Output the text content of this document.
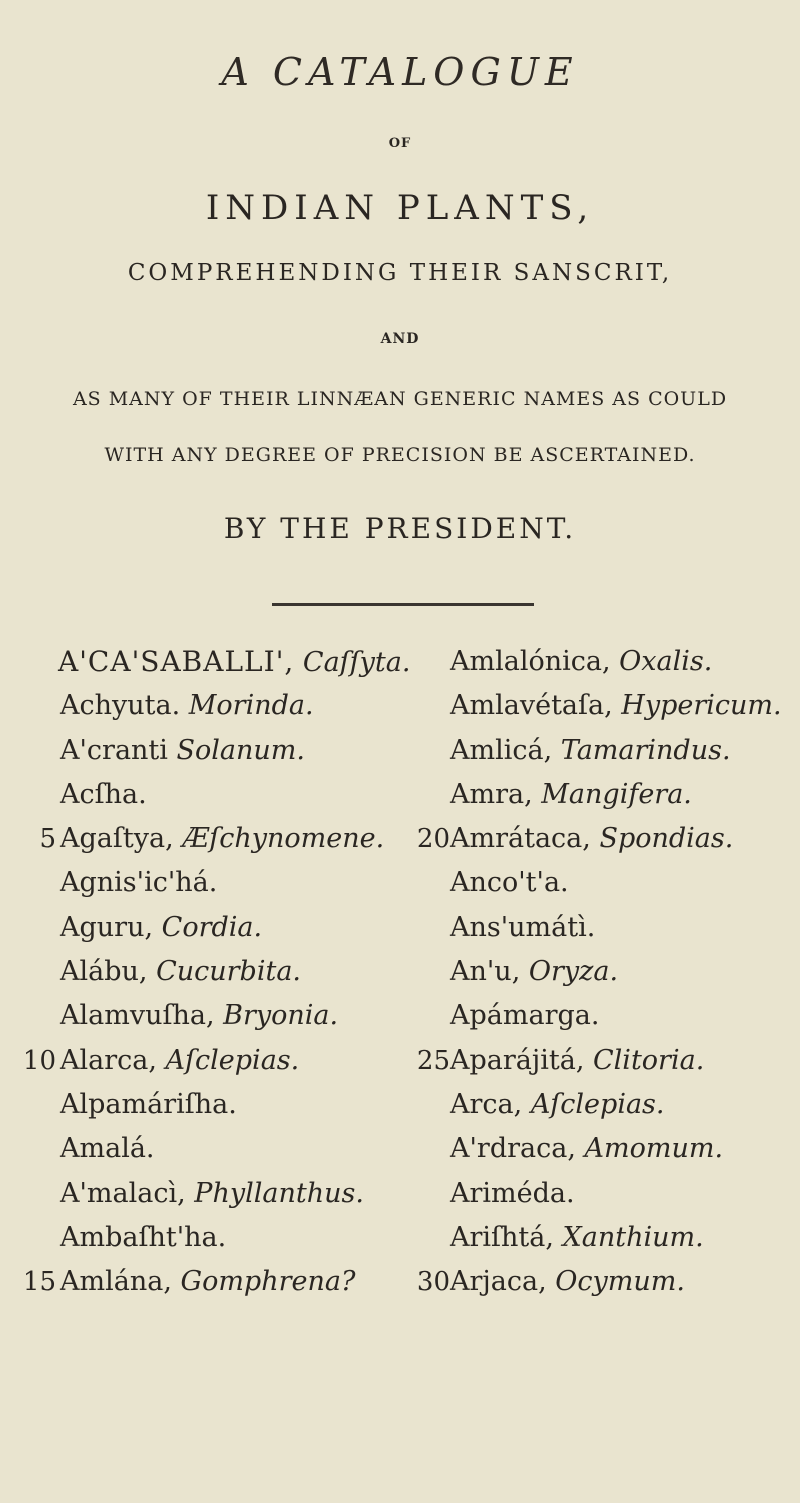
A CATALOGUE
OF
INDIAN PLANTS,
COMPREHENDING THEIR SANSCRIT,
AND
AS MANY OF THEIR LINNÆAN GENERIC NAMES AS COULD
WITH ANY DEGREE OF PRECISION BE ASCERTAINED.
BY THE PRESIDENT.
A'CA'SABALLI', Caſſyta.
Achyuta. Morinda.
A'cranti Solanum.
Acſha.
5 Agaſtya, Æſchynomene.
Agnis'ic'há.
Aguru, Cordia.
Alábu, Cucurbita.
Alamvuſha, Bryonia.
10 Alarca, Aſclepias.
Alpamáriſha.
Amalá.
A'malacì, Phyllanthus.
Ambaſht'ha.
15 Amlána, Gomphrena?
Amlalónica, Oxalis.
Amlavétaſa, Hypericum.
Amlicá, Tamarindus.
Amra, Mangifera.
20 Amrátaca, Spondias.
Anco't'a.
Ans'umátì.
An'u, Oryza.
Apámarga.
25 Aparájitá, Clitoria.
Arca, Aſclepias.
A'rdraca, Amomum.
Ariméda.
Ariſhtá, Xanthium.
30 Arjaca, Ocymum.
